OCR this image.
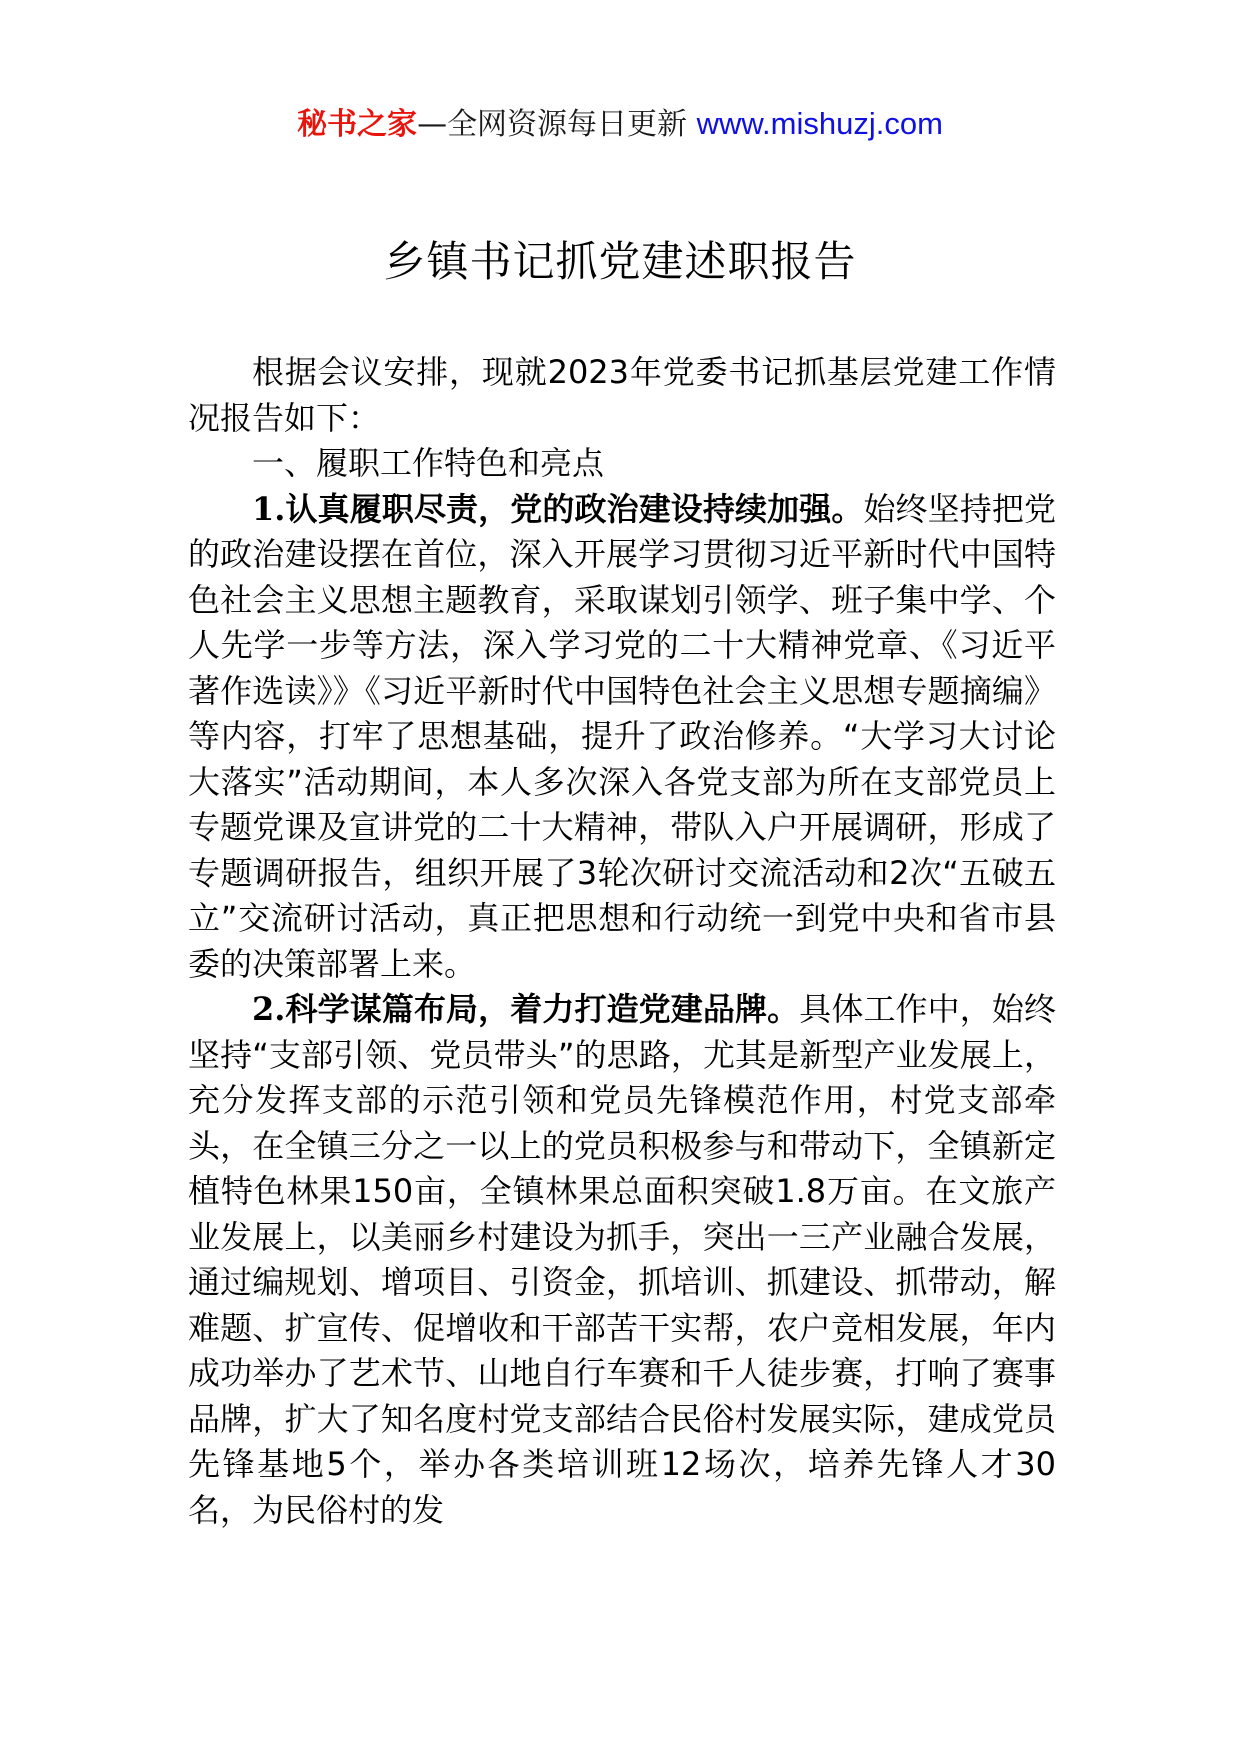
秘书之家—全网资源每日更新 www.mishuzj.com
乡镇书记抓党建述职报告

根据会议安排，现就2023年党委书记抓基层党建工作情况报告如下：

一、履职工作特色和亮点

1.认真履职尽责，党的政治建设持续加强。始终坚持把党的政治建设摆在首位，深入开展学习贯彻习近平新时代中国特色社会主义思想主题教育，采取谋划引领学、班子集中学、个人先学一步等方法，深入学习党的二十大精神党章、《习近平著作选读》》《习近平新时代中国特色社会主义思想专题摘编》等内容，打牢了思想基础，提升了政治修养。“大学习大讨论大落实”活动期间，本人多次深入各党支部为所在支部党员上专题党课及宣讲党的二十大精神，带队入户开展调研，形成了专题调研报告，组织开展了3轮次研讨交流活动和2次“五破五立”交流研讨活动，真正把思想和行动统一到党中央和省市县委的决策部署上来。

2.科学谋篇布局，着力打造党建品牌。具体工作中，始终坚持“支部引领、党员带头”的思路，尤其是新型产业发展上，充分发挥支部的示范引领和党员先锋模范作用，村党支部牵头，在全镇三分之一以上的党员积极参与和带动下，全镇新定植特色林果150亩，全镇林果总面积突破1.8万亩。在文旅产业发展上，以美丽乡村建设为抓手，突出一三产业融合发展，通过编规划、增项目、引资金，抓培训、抓建设、抓带动，解难题、扩宣传、促增收和干部苦干实帮，农户竞相发展，年内成功举办了艺术节、山地自行车赛和千人徒步赛，打响了赛事品牌，扩大了知名度村党支部结合民俗村发展实际，建成党员先锋基地5个，举办各类培训班12场次，培养先锋人才30名，为民俗村的发
